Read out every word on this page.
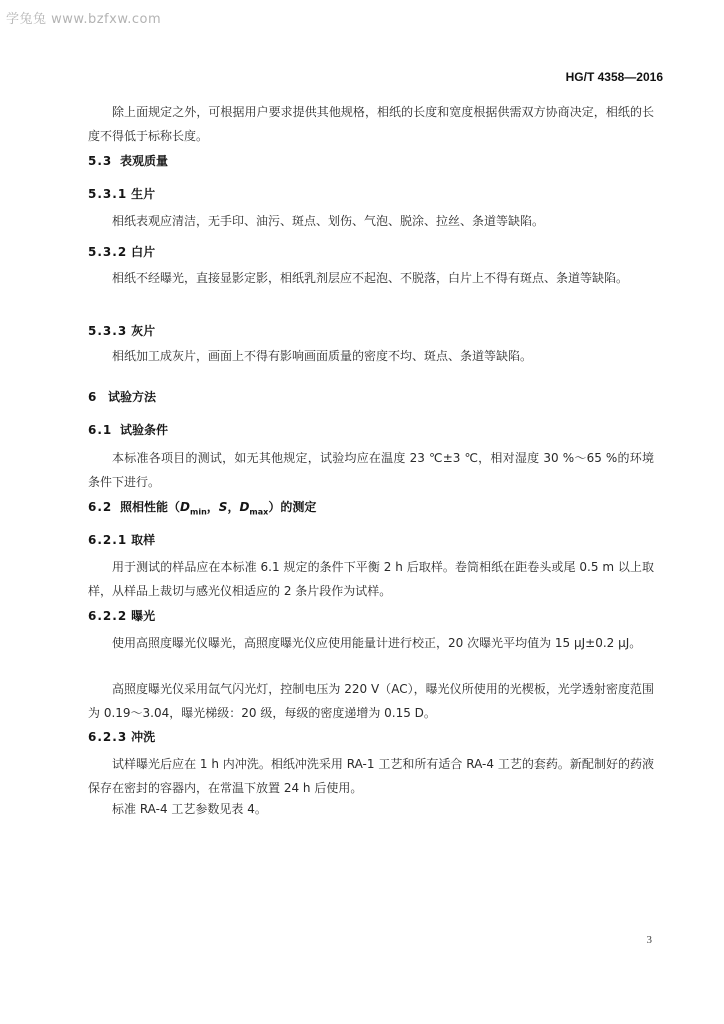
学兔兔 www.bzfxw.com
HG/T 4358—2016
除上面规定之外，可根据用户要求提供其他规格，相纸的长度和宽度根据供需双方协商决定，相纸的长度不得低于标称长度。
5.3 表观质量
5.3.1 生片
相纸表观应清洁，无手印、油污、斑点、划伤、气泡、脱涂、拉丝、条道等缺陷。
5.3.2 白片
相纸不经曝光，直接显影定影，相纸乳剂层应不起泡、不脱落，白片上不得有斑点、条道等缺陷。
5.3.3 灰片
相纸加工成灰片，画面上不得有影响画面质量的密度不均、斑点、条道等缺陷。
6 试验方法
6.1 试验条件
本标准各项目的测试，如无其他规定，试验均应在温度 23 ℃±3 ℃，相对湿度 30 %～65 %的环境条件下进行。
6.2 照相性能（$D_{min}$，S，$D_{max}$）的测定
6.2.1 取样
用于测试的样品应在本标准 6.1 规定的条件下平衡 2 h 后取样。卷筒相纸在距卷头或尾 0.5 m 以上取样，从样品上裁切与感光仪相适应的 2 条片段作为试样。
6.2.2 曝光
使用高照度曝光仪曝光，高照度曝光仪应使用能量计进行校正，20 次曝光平均值为 15 μJ±0.2 μJ。
高照度曝光仪采用氙气闪光灯，控制电压为 220 V（AC），曝光仪所使用的光楔板，光学透射密度范围为 0.19～3.04，曝光梯级：20 级，每级的密度递增为 0.15 D。
6.2.3 冲洗
试样曝光后应在 1 h 内冲洗。相纸冲洗采用 RA-1 工艺和所有适合 RA-4 工艺的套药。新配制好的药液保存在密封的容器内，在常温下放置 24 h 后使用。
标准 RA-4 工艺参数见表 4。
3
